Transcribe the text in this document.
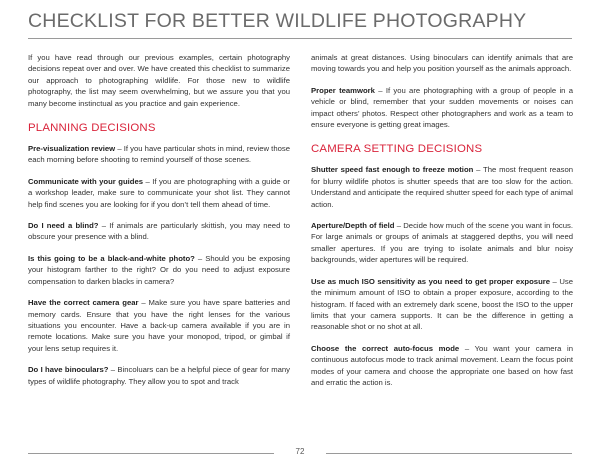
CHECKLIST FOR BETTER WILDLIFE PHOTOGRAPHY

If you have read through our previous examples, certain photography decisions repeat over and over. We have created this checklist to summarize our approach to photographing wildlife. For those new to wildlife photography, the list may seem overwhelming, but we assure you that you many become instinctual as you practice and gain experience.

PLANNING DECISIONS

Pre-visualization review – If you have particular shots in mind, review those each morning before shooting to remind yourself of those scenes.

Communicate with your guides – If you are photographing with a guide or a workshop leader, make sure to communicate your shot list. They cannot help find scenes you are looking for if you don’t tell them ahead of time.

Do I need a blind? – If animals are particularly skittish, you may need to obscure your presence with a blind.

Is this going to be a black-and-white photo? – Should you be exposing your histogram farther to the right? Or do you need to adjust exposure compensation to darken blacks in camera?

Have the correct camera gear – Make sure you have spare batteries and memory cards. Ensure that you have the right lenses for the various situations you encounter. Have a back-up camera available if you are in remote locations. Make sure you have your monopod, tripod, or gimbal if your lens setup requires it.

Do I have binoculars? – Bincoluars can be a helpful piece of gear for many types of wildlife photography. They allow you to spot and track

animals at great distances. Using binoculars can identify animals that are moving towards you and help you position yourself as the animals approach.

Proper teamwork – If you are photographing with a group of people in a vehicle or blind, remember that your sudden movements or noises can impact others’ photos. Respect other photographers and work as a team to ensure everyone is getting great images.

CAMERA SETTING DECISIONS

Shutter speed fast enough to freeze motion – The most frequent reason for blurry wildlife photos is shutter speeds that are too slow for the action. Understand and anticipate the required shutter speed for each type of animal action.

Aperture/Depth of field – Decide how much of the scene you want in focus. For large animals or groups of animals at staggered depths, you will need smaller apertures. If you are trying to isolate animals and blur noisy backgrounds, wider apertures will be required.

Use as much ISO sensitivity as you need to get proper exposure – Use the minimum amount of ISO to obtain a proper exposure, according to the histogram. If faced with an extremely dark scene, boost the ISO to the upper limits that your camera supports. It can be the difference in getting a reasonable shot or no shot at all.

Choose the correct auto-focus mode – You want your camera in continuous autofocus mode to track animal movement. Learn the focus point modes of your camera and choose the appropriate one based on how fast and erratic the action is.

72
